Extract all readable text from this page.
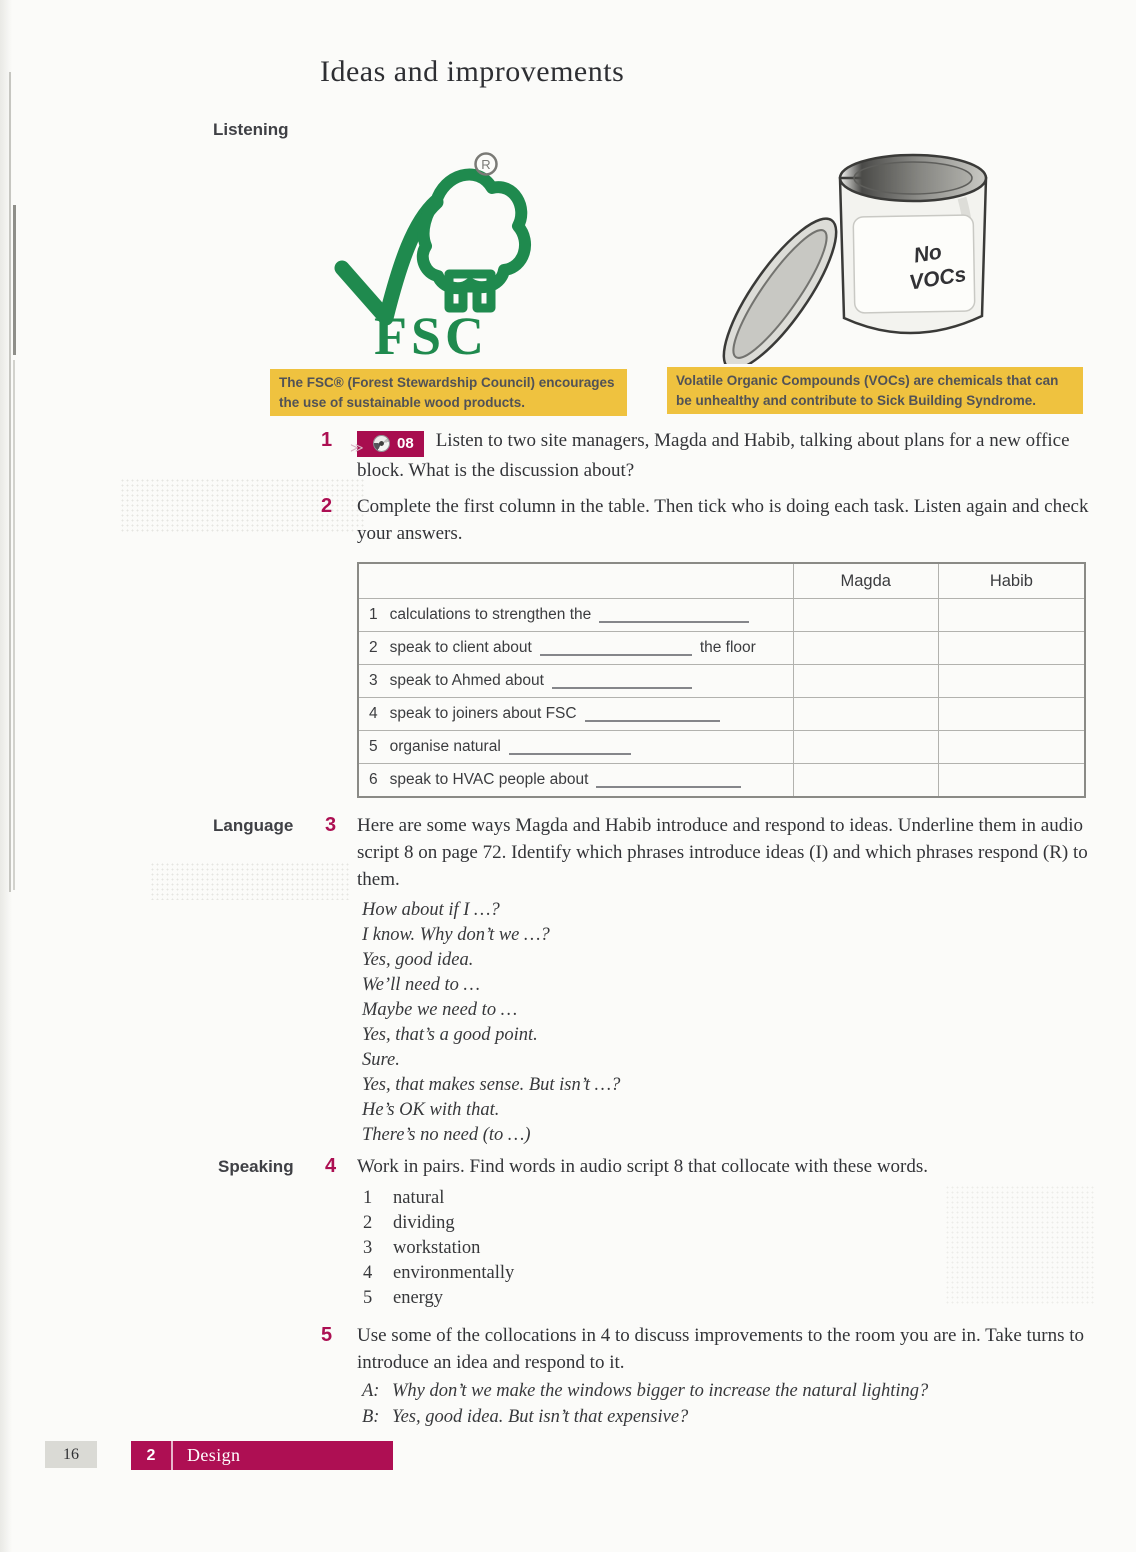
Ideas and improvements
Listening
R
FSC
The FSC® (Forest Stewardship Council) encourages the use of sustainable wood products.
No
VOCs
Volatile Organic Compounds (VOCs) are chemicals that can be unhealthy and contribute to Sick Building Syndrome.
1 ≫ 08 Listen to two site managers, Magda and Habib, talking about plans for a new office block. What is the discussion about?
2 Complete the first column in the table. Then tick who is doing each task. Listen again and check your answers.
Magda	Habib
1 calculations to strengthen the
2 speak to client about	the floor
3 speak to Ahmed about
4 speak to joiners about FSC
5 organise natural
6 speak to HVAC people about
Language 3 Here are some ways Magda and Habib introduce and respond to ideas. Underline them in audio script 8 on page 72. Identify which phrases introduce ideas (I) and which phrases respond (R) to them.
How about if I …?
I know. Why don’t we …?
Yes, good idea.
We’ll need to …
Maybe we need to …
Yes, that’s a good point.
Sure.
Yes, that makes sense. But isn’t …?
He’s OK with that.
There’s no need (to …)
Speaking 4 Work in pairs. Find words in audio script 8 that collocate with these words.
1 natural
2 dividing
3 workstation
4 environmentally
5 energy
5 Use some of the collocations in 4 to discuss improvements to the room you are in. Take turns to introduce an idea and respond to it.
A: Why don’t we make the windows bigger to increase the natural lighting?
B: Yes, good idea. But isn’t that expensive?
16	2	Design
